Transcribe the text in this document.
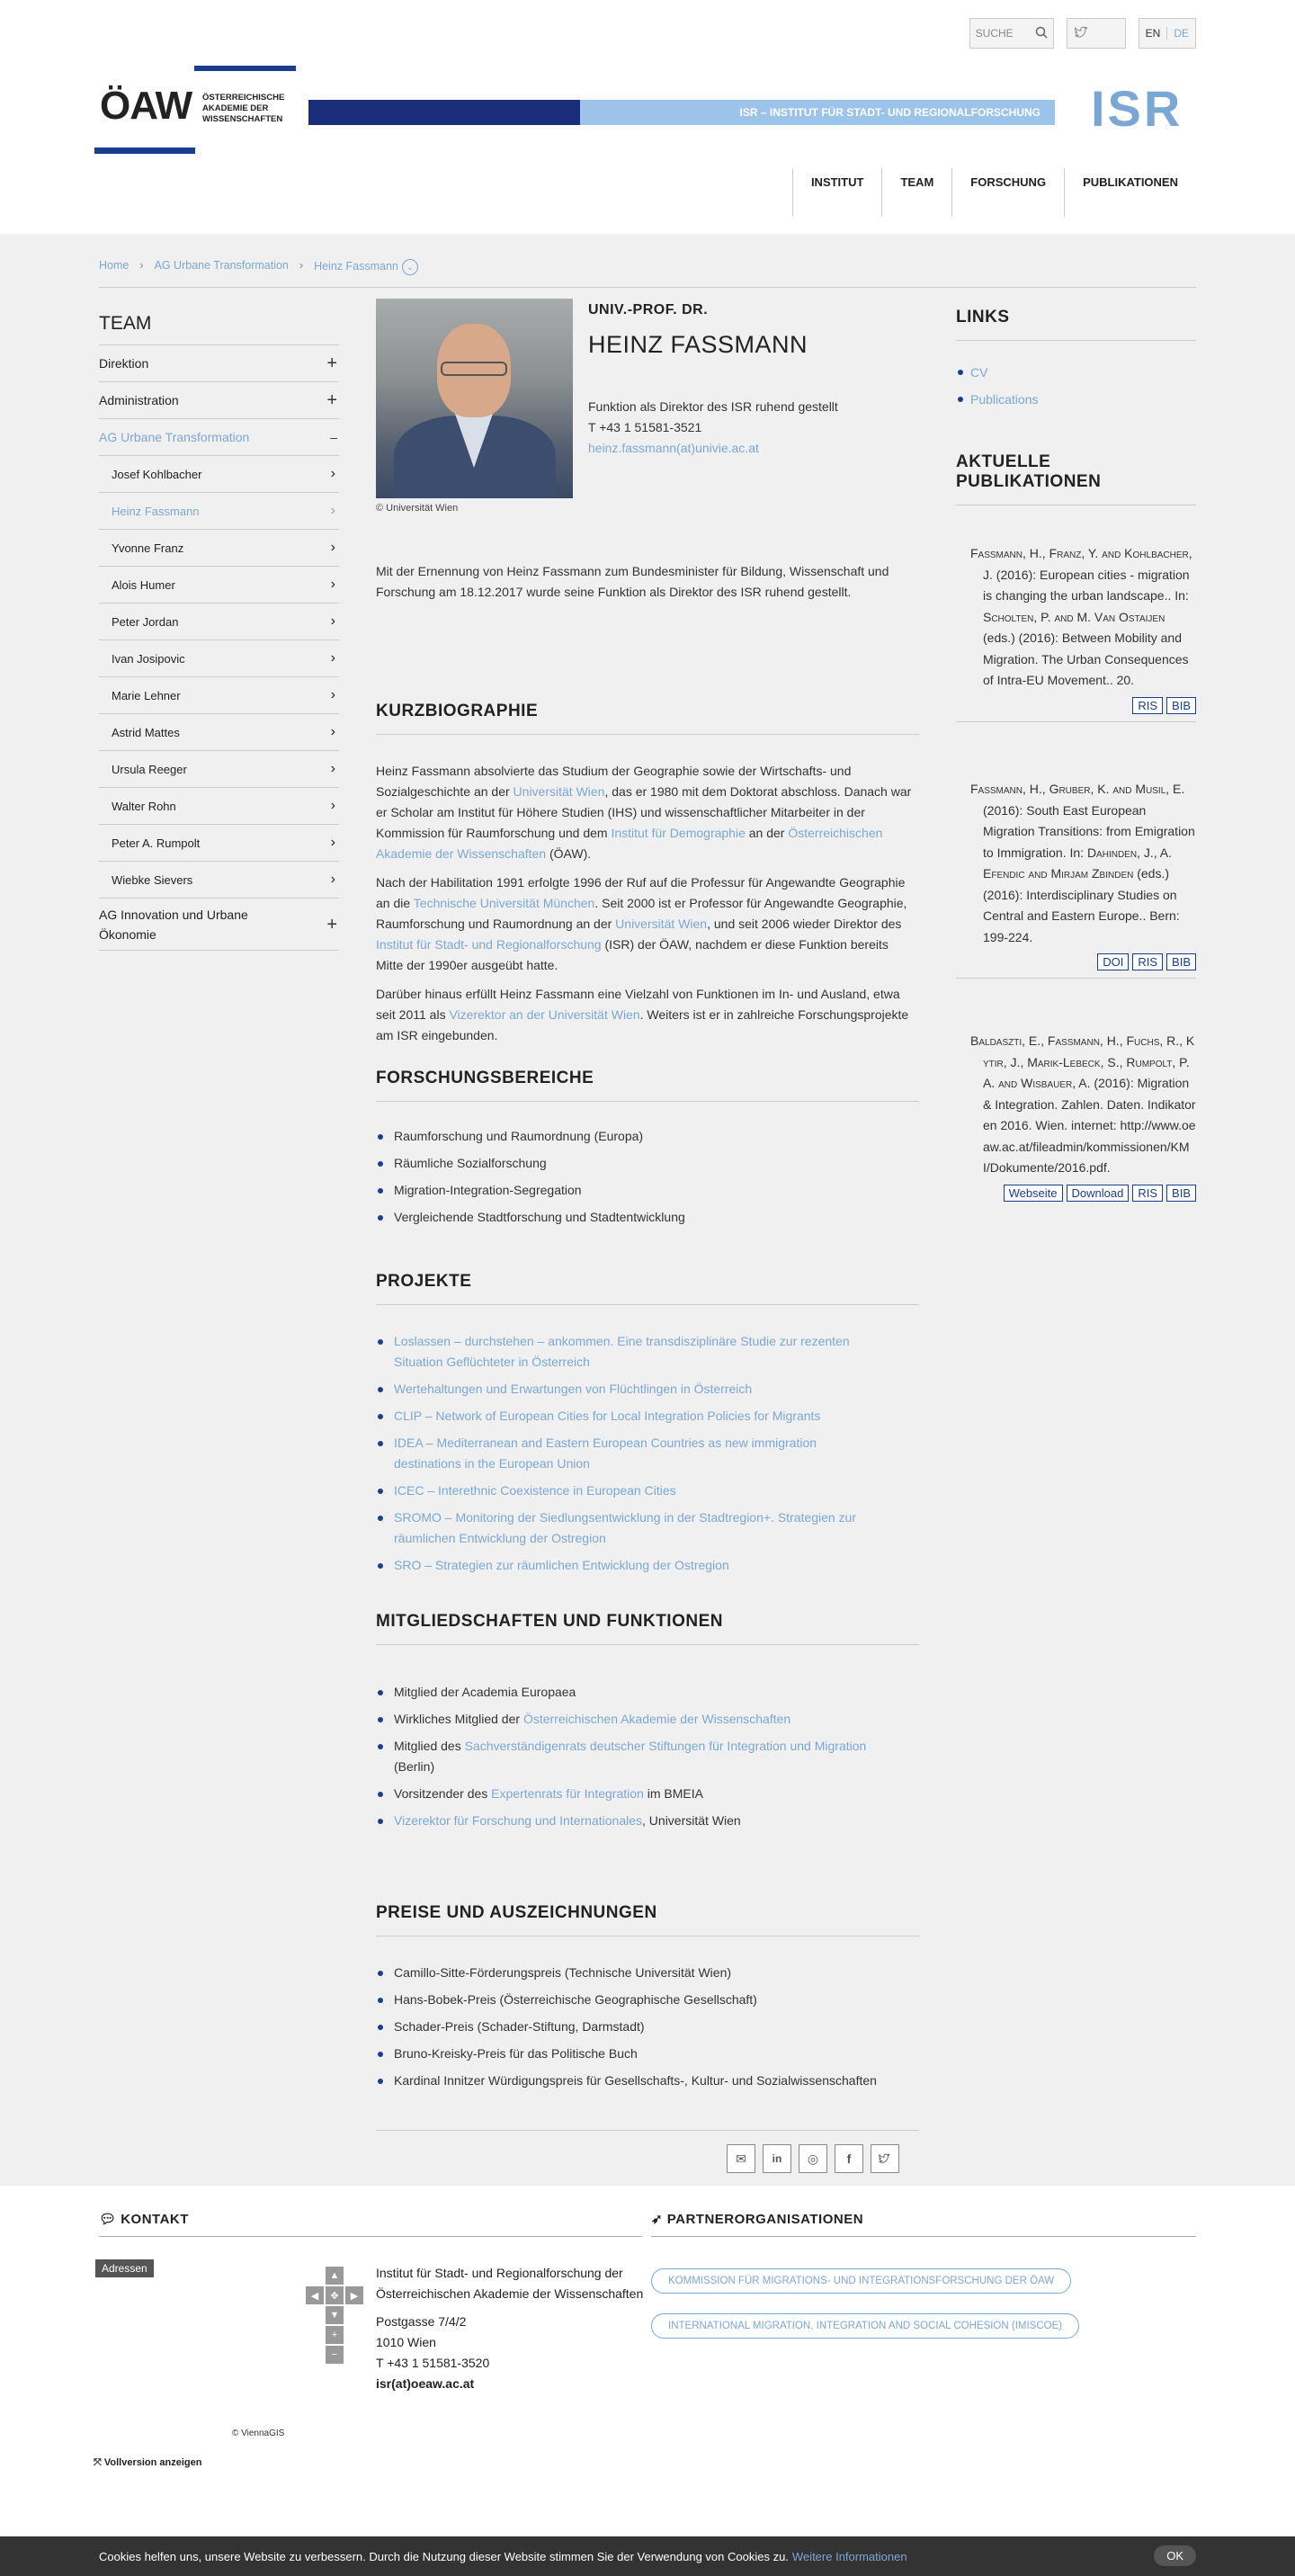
SUCHE	EN	DE
ÖAW ÖSTERREICHISCHE
AKADEMIE DER
WISSENSCHAFTEN
ISR – INSTITUT FÜR STADT- UND REGIONALFORSCHUNG ISR
INSTITUT	TEAM	FORSCHUNG	PUBLIKATIONEN
Home › AG Urbane Transformation › Heinz Fassmann ⌄
TEAM
Direktion	+
Administration	+
AG Urbane Transformation	–
Josef Kohlbacher	›
Heinz Fassmann	›
Yvonne Franz	›
Alois Humer	›
Peter Jordan	›
Ivan Josipovic	›
Marie Lehner	›
Astrid Mattes	›
Ursula Reeger	›
Walter Rohn	›
Peter A. Rumpolt	›
Wiebke Sievers	›
AG Innovation und Urbane Ökonomie	+
© Universität Wien
UNIV.-PROF. DR.
HEINZ FASSMANN
Funktion als Direktor des ISR ruhend gestellt
T +43 1 51581-3521
heinz.fassmann(at)univie.ac.at
Mit der Ernennung von Heinz Fassmann zum Bundesminister für Bildung, Wissenschaft und Forschung am 18.12.2017 wurde seine Funktion als Direktor des ISR ruhend gestellt.
KURZBIOGRAPHIE

Heinz Fassmann absolvierte das Studium der Geographie sowie der Wirtschafts- und Sozialgeschichte an der Universität Wien, das er 1980 mit dem Doktorat abschloss. Danach war er Scholar am Institut für Höhere Studien (IHS) und wissenschaftlicher Mitarbeiter in der Kommission für Raumforschung und dem Institut für Demographie an der Österreichischen Akademie der Wissenschaften (ÖAW).

Nach der Habilitation 1991 erfolgte 1996 der Ruf auf die Professur für Angewandte Geographie an die Technische Universität München. Seit 2000 ist er Professor für Angewandte Geographie, Raumforschung und Raumordnung an der Universität Wien, und seit 2006 wieder Direktor des Institut für Stadt- und Regionalforschung (ISR) der ÖAW, nachdem er diese Funktion bereits Mitte der 1990er ausgeübt hatte.

Darüber hinaus erfüllt Heinz Fassmann eine Vielzahl von Funktionen im In- und Ausland, etwa seit 2011 als Vizerektor an der Universität Wien. Weiters ist er in zahlreiche Forschungsprojekte am ISR eingebunden.

FORSCHUNGSBEREICHE
Raumforschung und Raumordnung (Europa)
Räumliche Sozialforschung
Migration-Integration-Segregation
Vergleichende Stadtforschung und Stadtentwicklung
PROJEKTE
Loslassen – durchstehen – ankommen. Eine transdisziplinäre Studie zur rezenten Situation Geflüchteter in Österreich
Wertehaltungen und Erwartungen von Flüchtlingen in Österreich
CLIP – Network of European Cities for Local Integration Policies for Migrants
IDEA – Mediterranean and Eastern European Countries as new immigration destinations in the European Union
ICEC – Interethnic Coexistence in European Cities
SROMO – Monitoring der Siedlungsentwicklung in der Stadtregion+. Strategien zur räumlichen Entwicklung der Ostregion
SRO – Strategien zur räumlichen Entwicklung der Ostregion
MITGLIEDSCHAFTEN UND FUNKTIONEN
Mitglied der Academia Europaea
Wirkliches Mitglied der Österreichischen Akademie der Wissenschaften
Mitglied des Sachverständigenrats deutscher Stiftungen für Integration und Migration (Berlin)
Vorsitzender des Expertenrats für Integration im BMEIA
Vizerektor für Forschung und Internationales, Universität Wien
PREISE UND AUSZEICHNUNGEN
Camillo-Sitte-Förderungspreis (Technische Universität Wien)
Hans-Bobek-Preis (Österreichische Geographische Gesellschaft)
Schader-Preis (Schader-Stiftung, Darmstadt)
Bruno-Kreisky-Preis für das Politische Buch
Kardinal Innitzer Würdigungspreis für Gesellschafts-, Kultur- und Sozialwissenschaften
✉	in	◎	f
LINKS
CV
Publications
AKTUELLE PUBLIKATIONEN
Fassmann, H., Franz, Y. and Kohlbacher, J. (2016): European cities - migration is changing the urban landscape.. In: Scholten, P. and M. Van Ostaijen (eds.) (2016): Between Mobility and Migration. The Urban Consequences of Intra-EU Movement.. 20.
RIS	BIB
Fassmann, H., Gruber, K. and Musil, E. (2016): South East European Migration Transitions: from Emigration to Immigration. In: Dahinden, J., A. Efendic and Mirjam Zbinden (eds.) (2016): Interdisciplinary Studies on Central and Eastern Europe.. Bern: 199-224.
DOI	RIS	BIB
Baldaszti, E., Fassmann, H., Fuchs, R., Kytir, J., Marik-Lebeck, S., Rumpolt, P. A. and Wisbauer, A. (2016): Migration & Integration. Zahlen. Daten. Indikatoren 2016. Wien. internet: http://www.oeaw.ac.at/fileadmin/kommissionen/KMI/Dokumente/2016.pdf.
Webseite	Download	RIS	BIB
💬︎ KONTAKT	➶ PARTNERORGANISATIONEN
Adressen
▲
◀	✥	▶
▼
+
−
© ViennaGIS
⤧ Vollversion anzeigen
Institut für Stadt- und Regionalforschung der Österreichischen Akademie der Wissenschaften
Postgasse 7/4/2
1010 Wien
T +43 1 51581-3520
isr(at)oeaw.ac.at
KOMMISSION FÜR MIGRATIONS- UND INTEGRATIONSFORSCHUNG DER ÖAW
INTERNATIONAL MIGRATION, INTEGRATION AND SOCIAL COHESION (IMISCOE)
Cookies helfen uns, unsere Website zu verbessern. Durch die Nutzung dieser Website stimmen Sie der Verwendung von Cookies zu. Weitere Informationen	OK
